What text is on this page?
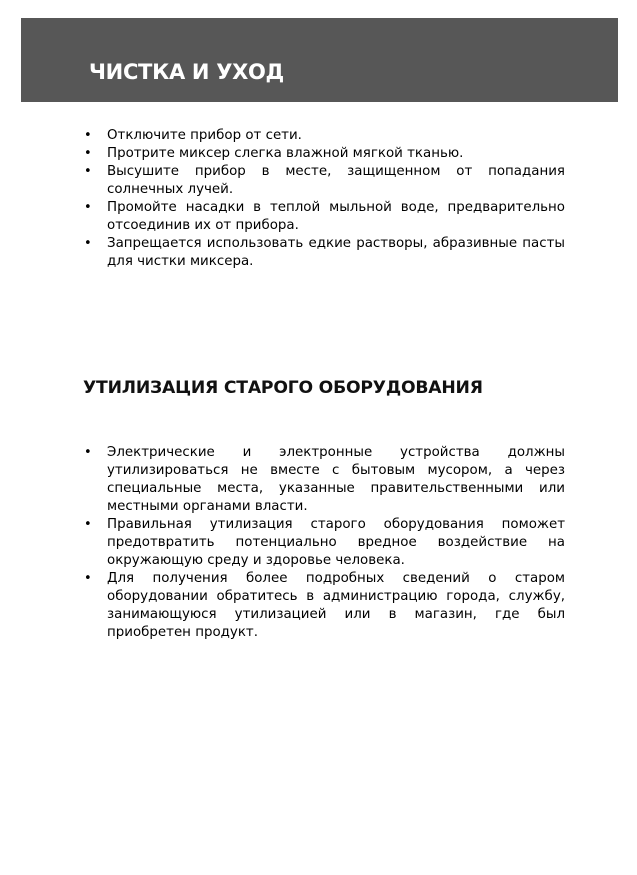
ЧИСТКА И УХОД
• Отключите прибор от сети.
• Протрите миксер слегка влажной мягкой тканью.
• Высушите прибор в месте, защищенном от попадания солнечных лучей.
• Промойте насадки в теплой мыльной воде, предварительно отсоединив их от прибора.
• Запрещается использовать едкие растворы, абразивные пасты для чистки миксера.
УТИЛИЗАЦИЯ СТАРОГО ОБОРУДОВАНИЯ
• Электрические и электронные устройства должны утилизироваться не вместе с бытовым мусором, а через специальные места, указанные правительственными или местными органами власти.
• Правильная утилизация старого оборудования поможет предотвратить потенциально вредное воздействие на окружающую среду и здоровье человека.
• Для получения более подробных сведений о старом оборудовании обратитесь в администрацию города, службу, занимающуюся утилизацией или в магазин, где был приобретен продукт.
